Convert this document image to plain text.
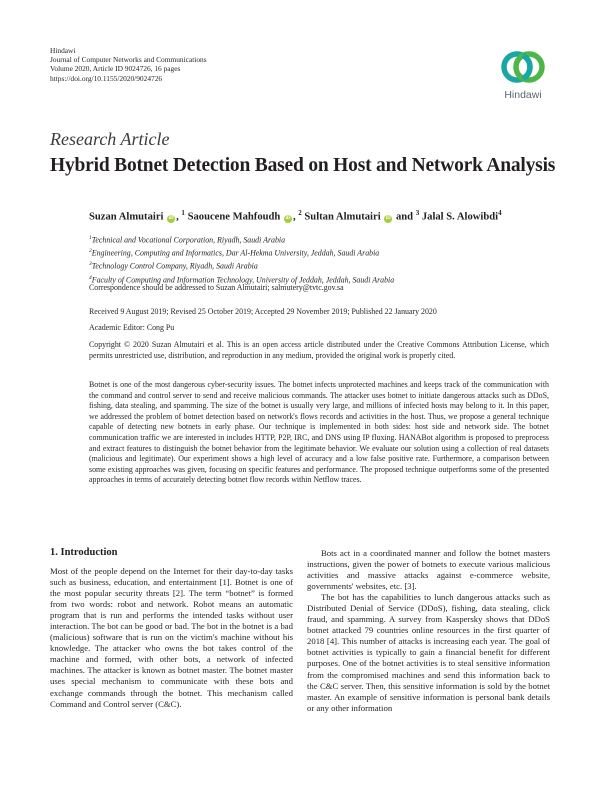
Hindawi
Journal of Computer Networks and Communications
Volume 2020, Article ID 9024726, 16 pages
https://doi.org/10.1155/2020/9024726
Hindawi
Research Article
Hybrid Botnet Detection Based on Host and Network Analysis
Suzan Almutairi iD , $^1$ Saoucene Mahfoudh iD , $^2$ Sultan Almutairi iD and $^3$ Jalal S. Alowibdi$^4$
$^1$Technical and Vocational Corporation, Riyadh, Saudi Arabia
$^2$Engineering, Computing and Informatics, Dar Al-Hekma University, Jeddah, Saudi Arabia
$^3$Technology Control Company, Riyadh, Saudi Arabia
$^4$Faculty of Computing and Information Technology, University of Jeddah, Jeddah, Saudi Arabia
Correspondence should be addressed to Suzan Almutairi; salmutery@tvtc.gov.sa
Received 9 August 2019; Revised 25 October 2019; Accepted 29 November 2019; Published 22 January 2020
Academic Editor: Cong Pu
Copyright © 2020 Suzan Almutairi et al. This is an open access article distributed under the Creative Commons Attribution License, which permits unrestricted use, distribution, and reproduction in any medium, provided the original work is properly cited.
Botnet is one of the most dangerous cyber-security issues. The botnet infects unprotected machines and keeps track of the communication with the command and control server to send and receive malicious commands. The attacker uses botnet to initiate dangerous attacks such as DDoS, fishing, data stealing, and spamming. The size of the botnet is usually very large, and millions of infected hosts may belong to it. In this paper, we addressed the problem of botnet detection based on network's flows records and activities in the host. Thus, we propose a general technique capable of detecting new botnets in early phase. Our technique is implemented in both sides: host side and network side. The botnet communication traffic we are interested in includes HTTP, P2P, IRC, and DNS using IP fluxing. HANABot algorithm is proposed to preprocess and extract features to distinguish the botnet behavior from the legitimate behavior. We evaluate our solution using a collection of real datasets (malicious and legitimate). Our experiment shows a high level of accuracy and a low false positive rate. Furthermore, a comparison between some existing approaches was given, focusing on specific features and performance. The proposed technique outperforms some of the presented approaches in terms of accurately detecting botnet flow records within Netflow traces.
1. Introduction

Most of the people depend on the Internet for their day-to-day tasks such as business, education, and entertainment [1]. Botnet is one of the most popular security threats [2]. The term “botnet” is formed from two words: robot and network. Robot means an automatic program that is run and performs the intended tasks without user interaction. The bot can be good or bad. The bot in the botnet is a bad (malicious) software that is run on the victim's machine without his knowledge. The attacker who owns the bot takes control of the machine and formed, with other bots, a network of infected machines. The attacker is known as botnet master. The botnet master uses special mechanism to communicate with these bots and exchange commands through the botnet. This mechanism called Command and Control server (C&C).

Bots act in a coordinated manner and follow the botnet masters instructions, given the power of botnets to execute various malicious activities and massive attacks against e-commerce website, governments' websites, etc. [3].

The bot has the capabilities to lunch dangerous attacks such as Distributed Denial of Service (DDoS), fishing, data stealing, click fraud, and spamming. A survey from Kaspersky shows that DDoS botnet attacked 79 countries online resources in the first quarter of 2018 [4]. This number of attacks is increasing each year. The goal of botnet activities is typically to gain a financial benefit for different purposes. One of the botnet activities is to steal sensitive information from the compromised machines and send this information back to the C&C server. Then, this sensitive information is sold by the botnet master. An example of sensitive information is personal bank details or any other information
